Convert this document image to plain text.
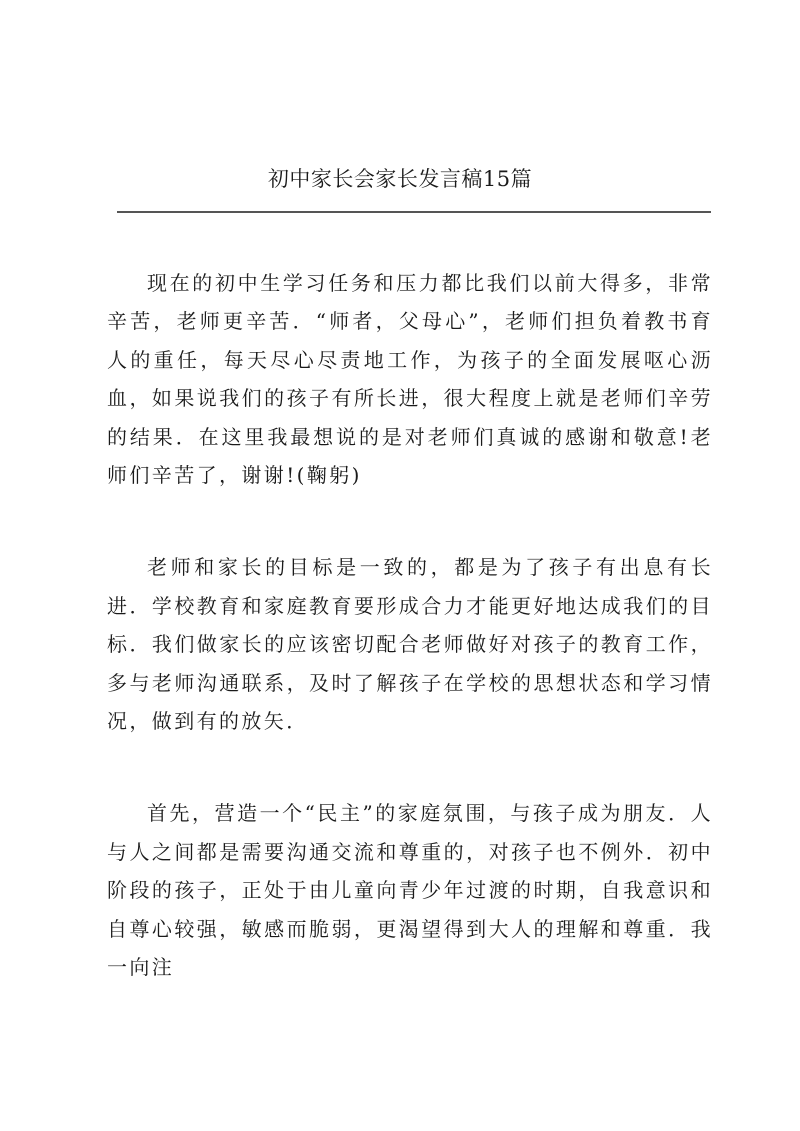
初中家长会家长发言稿15篇

现在的初中生学习任务和压力都比我们以前大得多，非常辛苦，老师更辛苦．“师者，父母心”，老师们担负着教书育人的重任，每天尽心尽责地工作，为孩子的全面发展呕心沥血，如果说我们的孩子有所长进，很大程度上就是老师们辛劳的结果．在这里我最想说的是对老师们真诚的感谢和敬意!老师们辛苦了，谢谢!(鞠躬)

老师和家长的目标是一致的，都是为了孩子有出息有长进．学校教育和家庭教育要形成合力才能更好地达成我们的目标．我们做家长的应该密切配合老师做好对孩子的教育工作，多与老师沟通联系，及时了解孩子在学校的思想状态和学习情况，做到有的放矢．

首先，营造一个“民主”的家庭氛围，与孩子成为朋友．人与人之间都是需要沟通交流和尊重的，对孩子也不例外．初中阶段的孩子，正处于由儿童向青少年过渡的时期，自我意识和自尊心较强，敏感而脆弱，更渴望得到大人的理解和尊重．我一向注
